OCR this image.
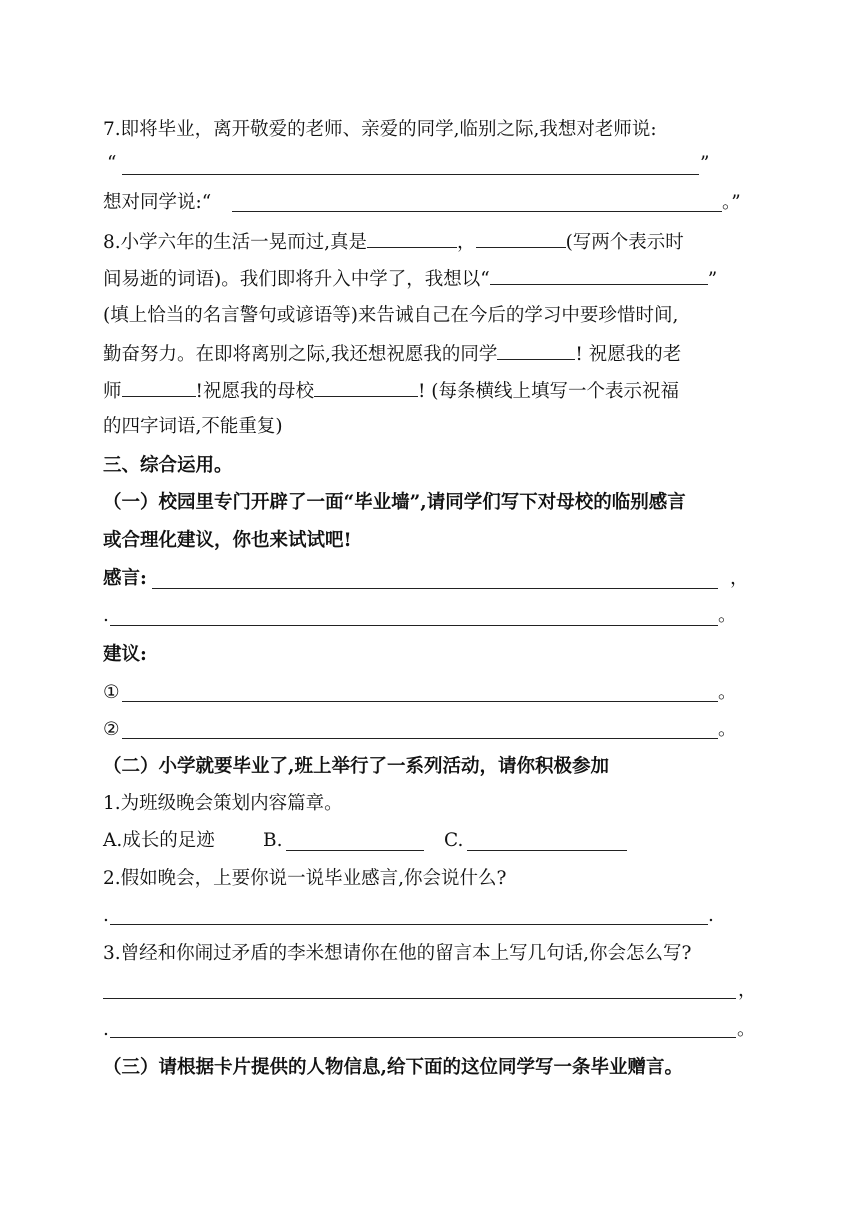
7.即将毕业，离开敬爱的老师、亲爱的同学,临别之际,我想对老师说:
“	”
想对同学说:“	。”
8.小学六年的生活一晃而过,真是	，	(写两个表示时
间易逝的词语)。我们即将升入中学了，我想以“	”
(填上恰当的名言警句或谚语等)来告诫自己在今后的学习中要珍惜时间,
勤奋努力。在即将离别之际,我还想祝愿我的同学	! 祝愿我的老
师	!祝愿我的母校	! (每条横线上填写一个表示祝福
的四字词语,不能重复)
三、综合运用。
（一）校园里专门开辟了一面“毕业墙”,请同学们写下对母校的临别感言
或合理化建议，你也来试试吧!
感言:	，
.	。
建议:
①	。
②	。
（二）小学就要毕业了,班上举行了一系列活动，请你积极参加
1.为班级晚会策划内容篇章。
A.成长的足迹	B.	C.
2.假如晚会，上要你说一说毕业感言,你会说什么?
.	.
3.曾经和你闹过矛盾的李米想请你在他的留言本上写几句话,你会怎么写?
，
.	。
（三）请根据卡片提供的人物信息,给下面的这位同学写一条毕业赠言。
